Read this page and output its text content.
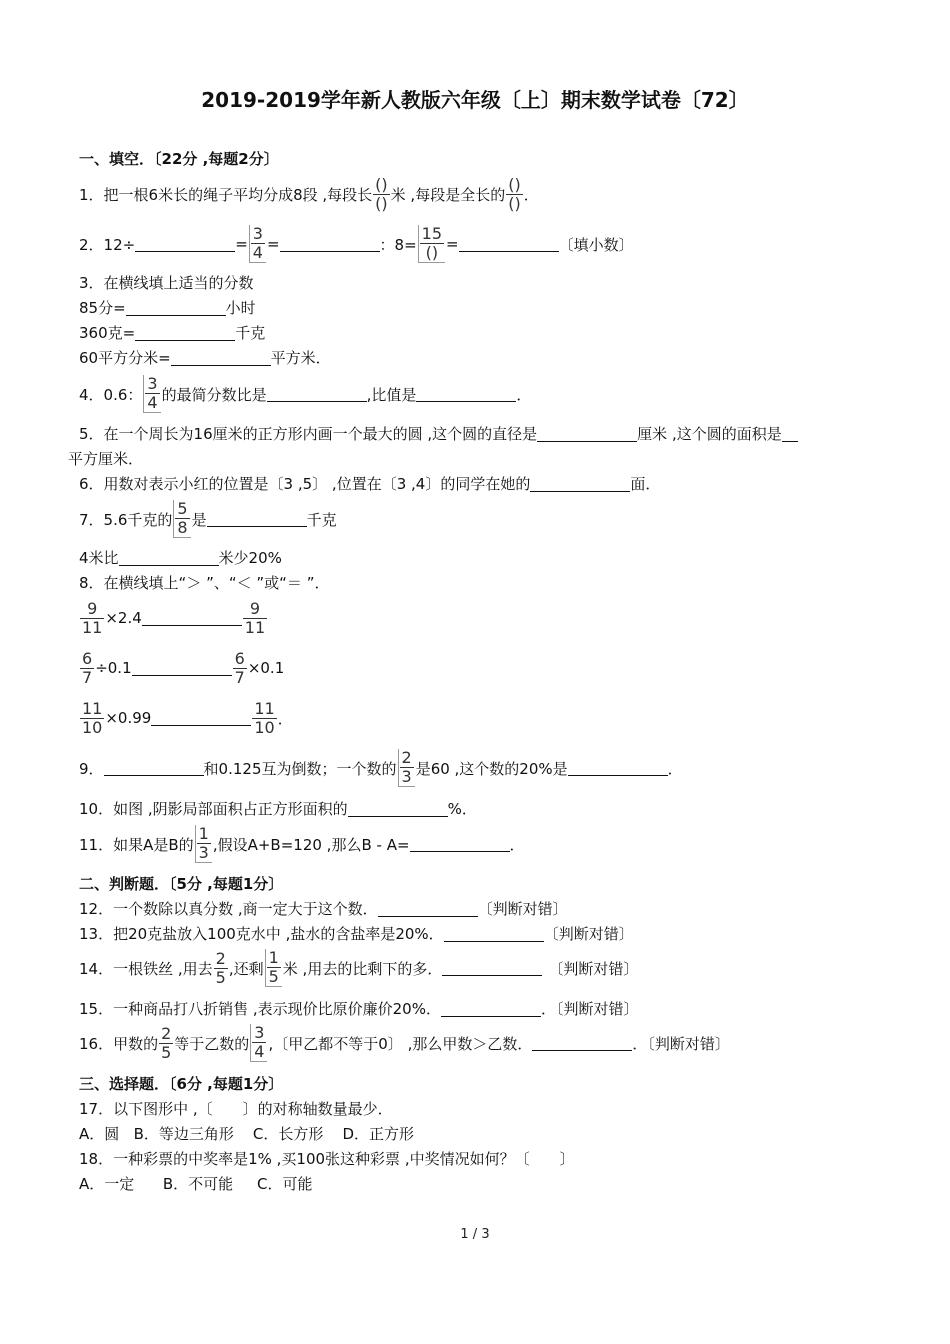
2019-2019学年新人教版六年级〔上〕期末数学试卷〔72〕
一、填空．〔22分 ,每题2分〕
1．把一根6米长的绳子平均分成8段 ,每段长 $\frac{()}{()}$ 米 ,每段是全长的 $\frac{()}{()}$ ．
2．12÷	= $\frac{3}{4}$ =	：$8= \frac{15}{()}$ =	〔填小数〕
3．在横线填上适当的分数
85分=	小时
360克=	千克
60平方分米=	平方米．
4．0.6： $\frac{3}{4}$ 的最简分数比是	,比值是	．
5．在一个周长为16厘米的正方形内画一个最大的圆 ,这个圆的直径是	厘米 ,这个圆的面积是
平方厘米．
6．用数对表示小红的位置是〔3 ,5〕 ,位置在〔3 ,4〕的同学在她的	面．
7．5.6千克的 $\frac{5}{8}$ 是	千克
4米比	米少20%
8．在横线填上“＞ ”、“＜ ”或“＝ ”．
$\frac{9}{11} \times 2.4$	$\frac{9}{11}$
$\frac{6}{7} \div 0.1$	$\frac{6}{7} \times 0.1$
$\frac{11}{10} \times 0.99$	$\frac{11}{10}$ ．
9．	和0.125互为倒数；一个数的 $\frac{2}{3}$ 是60 ,这个数的20%是	．
10．如图 ,阴影局部面积占正方形面积的	%．
11．如果A是B的 $\frac{1}{3}$ ,假设A+B=120 ,那么B - A=	．
二、判断题．〔5分 ,每题1分〕
12．一个数除以真分数 ,商一定大于这个数．	〔判断对错〕
13．把20克盐放入100克水中 ,盐水的含盐率是20%．	〔判断对错〕
14．一根铁丝 ,用去 $\frac{2}{5}$ ,还剩 $\frac{1}{5}$ 米 ,用去的比剩下的多．	〔判断对错〕
15．一种商品打八折销售 ,表示现价比原价廉价20%．	．〔判断对错〕
16．甲数的 $\frac{2}{5}$ 等于乙数的 $\frac{3}{4}$ ,〔甲乙都不等于0〕 ,那么甲数＞乙数．	．〔判断对错〕
三、选择题．〔6分 ,每题1分〕
17．以下图形中 ,〔　　〕的对称轴数量最少．
A．圆   B．等边三角形    C．长方形    D．正方形
18．一种彩票的中奖率是1% ,买100张这种彩票 ,中奖情况如何？〔　　〕
A．一定      B．不可能     C．可能
1 / 3
